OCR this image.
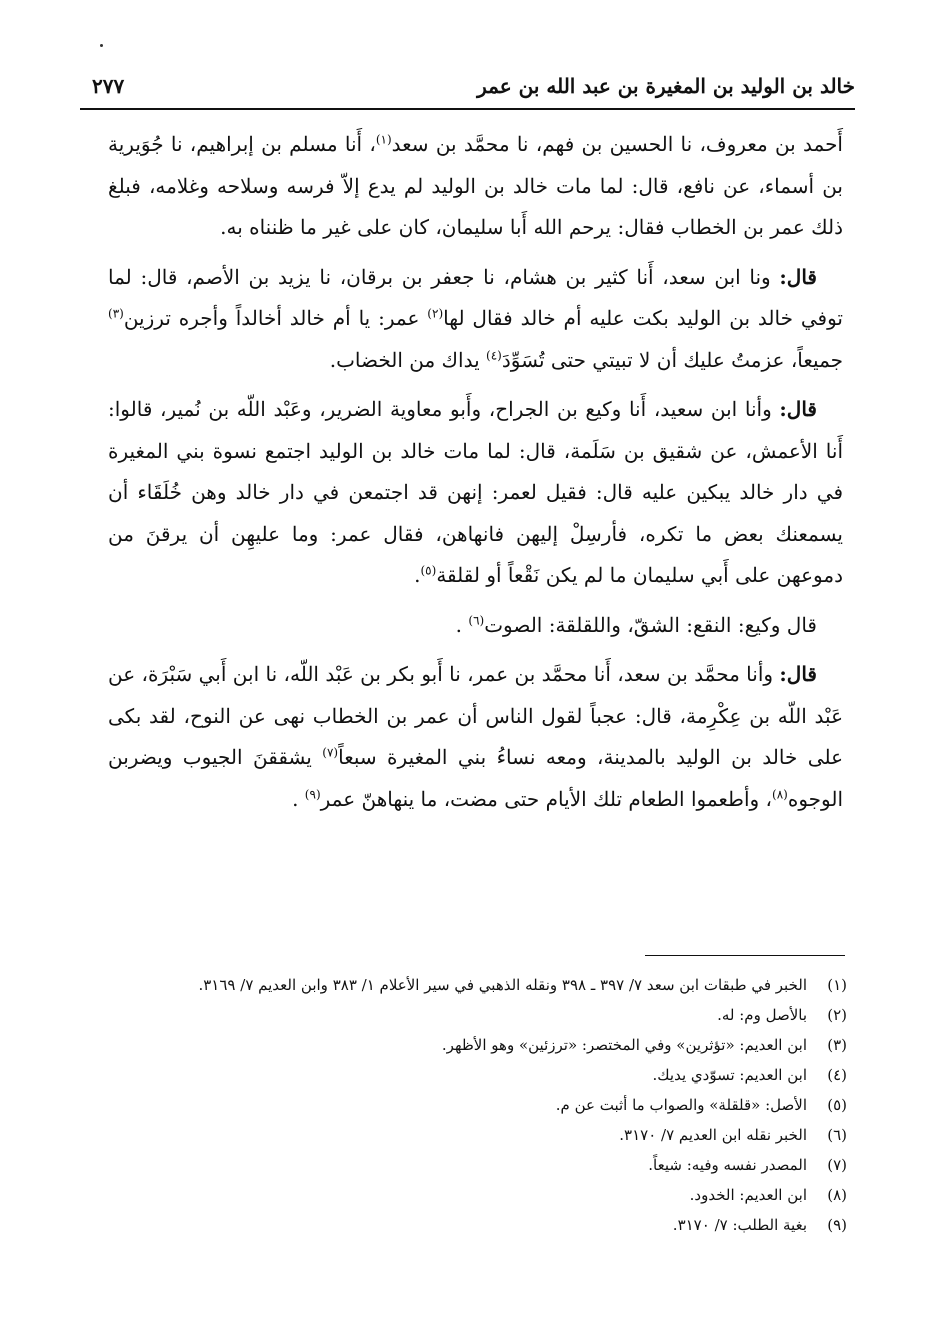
خالد بن الوليد بن المغيرة بن عبد الله بن عمر
٢٧٧

أَحمد بن معروف، نا الحسين بن فهم، نا محمَّد بن سعد$^{(١)}$، أَنا مسلم بن إبراهيم، نا جُوَيرية بن أسماء، عن نافع، قال: لما مات خالد بن الوليد لم يدع إلاّ فرسه وسلاحه وغلامه، فبلغ ذلك عمر بن الخطاب فقال: يرحم الله أَبا سليمان، كان على غير ما ظنناه به.

قال: ونا ابن سعد، أَنا كثير بن هشام، نا جعفر بن برقان، نا يزيد بن الأصم، قال: لما توفي خالد بن الوليد بكت عليه أم خالد فقال لها$^{(٢)}$ عمر: يا أم خالد أخالداً وأجره ترزين$^{(٣)}$ جميعاً، عزمتُ عليك أن لا تبيتي حتى تُسَوِّدَ$^{(٤)}$ يداك من الخضاب.

قال: وأنا ابن سعيد، أَنا وكيع بن الجراح، وأَبو معاوية الضرير، وعَبْد اللّه بن نُمير، قالوا: أَنا الأعمش، عن شقيق بن سَلَمة، قال: لما مات خالد بن الوليد اجتمع نسوة بني المغيرة في دار خالد يبكين عليه قال: فقيل لعمر: إنهن قد اجتمعن في دار خالد وهن خُلَقَاء أن يسمعنك بعض ما تكره، فأرسِلْ إليهن فانهاهن، فقال عمر: وما عليهِن أن يرقنَ من دموعهن على أَبي سليمان ما لم يكن نَقْعاً أو لقلقة$^{(٥)}$.

قال وكيع: النقع: الشقّ، واللقلقة: الصوت$^{(٦)}$ .

قال: وأنا محمَّد بن سعد، أَنا محمَّد بن عمر، نا أَبو بكر بن عَبْد اللّه، نا ابن أَبي سَبْرَة، عن عَبْد اللّه بن عِكْرِمة، قال: عجباً لقول الناس أن عمر بن الخطاب نهى عن النوح، لقد بكى على خالد بن الوليد بالمدينة، ومعه نساءُ بني المغيرة سبعاً$^{(٧)}$ يشققنَ الجيوب ويضربن الوجوه$^{(٨)}$، وأطعموا الطعام تلك الأيام حتى مضت، ما ينهاهنّ عمر$^{(٩)}$ .

(١)
الخبر في طبقات ابن سعد ٧/ ٣٩٧ ـ ٣٩٨ ونقله الذهبي في سير الأعلام ١/ ٣٨٣ وابن العديم ٧/ ٣١٦٩.
(٢)
بالأصل وم: له.
(٣)
ابن العديم: «تؤثرين» وفي المختصر: «ترزئين» وهو الأظهر.
(٤)
ابن العديم: تسوّدي يديك.
(٥)
الأصل: «قلقلة» والصواب ما أثبت عن م.
(٦)
الخبر نقله ابن العديم ٧/ ٣١٧٠.
(٧)
المصدر نفسه وفيه: شيعاً.
(٨)
ابن العديم: الخدود.
(٩)
بغية الطلب: ٧/ ٣١٧٠.
